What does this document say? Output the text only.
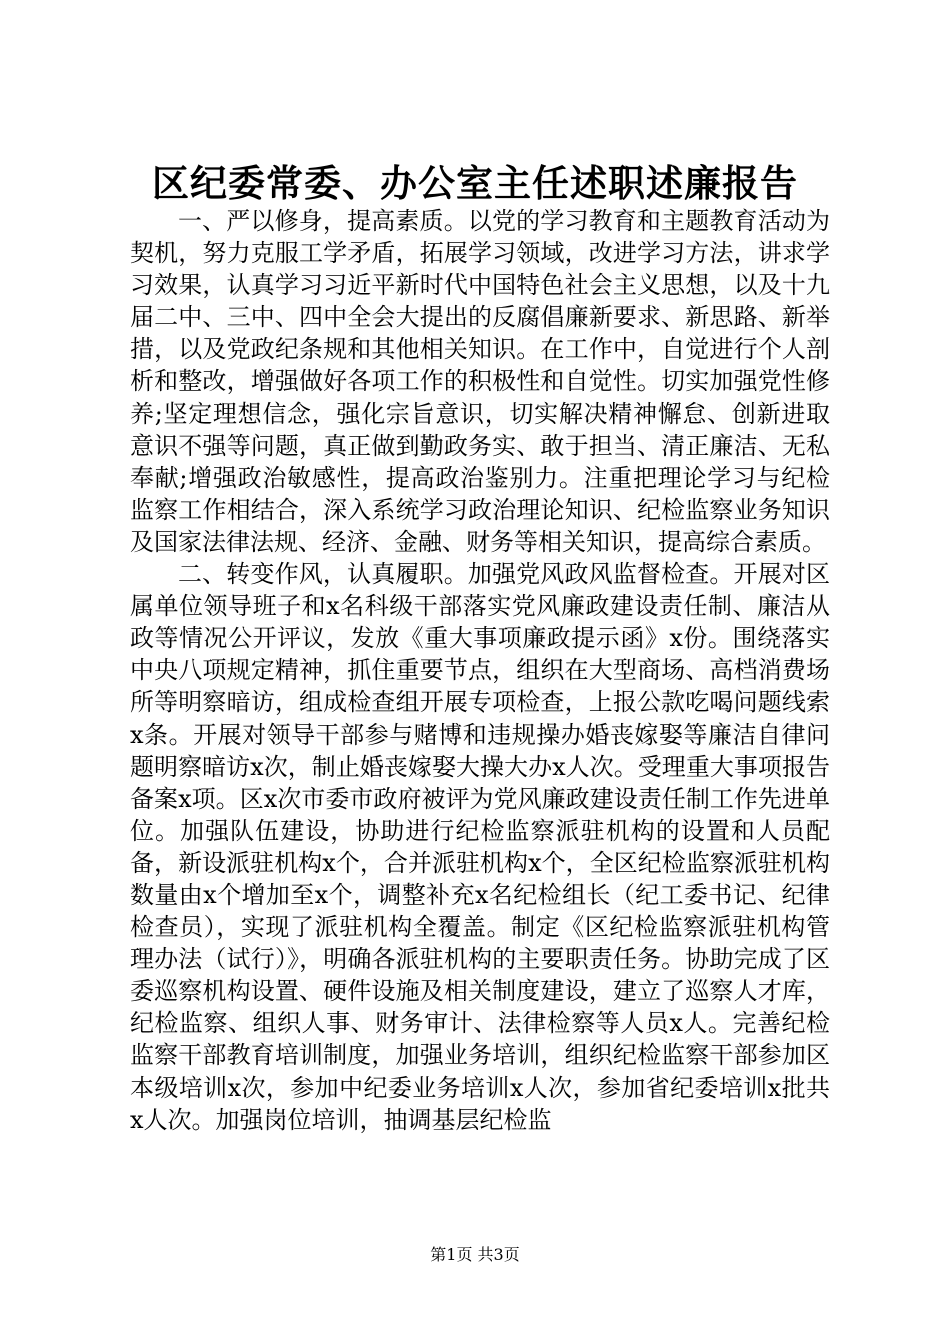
区纪委常委、办公室主任述职述廉报告

一、严以修身，提高素质。以党的学习教育和主题教育活动为契机，努力克服工学矛盾，拓展学习领域，改进学习方法，讲求学习效果，认真学习习近平新时代中国特色社会主义思想，以及十九届二中、三中、四中全会大提出的反腐倡廉新要求、新思路、新举措，以及党政纪条规和其他相关知识。在工作中，自觉进行个人剖析和整改，增强做好各项工作的积极性和自觉性。切实加强党性修养;坚定理想信念，强化宗旨意识，切实解决精神懈怠、创新进取意识不强等问题，真正做到勤政务实、敢于担当、清正廉洁、无私奉献;增强政治敏感性，提高政治鉴别力。注重把理论学习与纪检监察工作相结合，深入系统学习政治理论知识、纪检监察业务知识及国家法律法规、经济、金融、财务等相关知识，提高综合素质。

二、转变作风，认真履职。加强党风政风监督检查。开展对区属单位领导班子和x名科级干部落实党风廉政建设责任制、廉洁从政等情况公开评议，发放《重大事项廉政提示函》x份。围绕落实中央八项规定精神，抓住重要节点，组织在大型商场、高档消费场所等明察暗访，组成检查组开展专项检查，上报公款吃喝问题线索x条。开展对领导干部参与赌博和违规操办婚丧嫁娶等廉洁自律问题明察暗访x次，制止婚丧嫁娶大操大办x人次。受理重大事项报告备案x项。区x次市委市政府被评为党风廉政建设责任制工作先进单位。加强队伍建设，协助进行纪检监察派驻机构的设置和人员配备，新设派驻机构x个，合并派驻机构x个，全区纪检监察派驻机构数量由x个增加至x个，调整补充x名纪检组长（纪工委书记、纪律检查员），实现了派驻机构全覆盖。制定《区纪检监察派驻机构管理办法（试行）》，明确各派驻机构的主要职责任务。协助完成了区委巡察机构设置、硬件设施及相关制度建设，建立了巡察人才库，纪检监察、组织人事、财务审计、法律检察等人员x人。完善纪检监察干部教育培训制度，加强业务培训，组织纪检监察干部参加区本级培训x次，参加中纪委业务培训x人次，参加省纪委培训x批共x人次。加强岗位培训，抽调基层纪检监

第1页 共3页
